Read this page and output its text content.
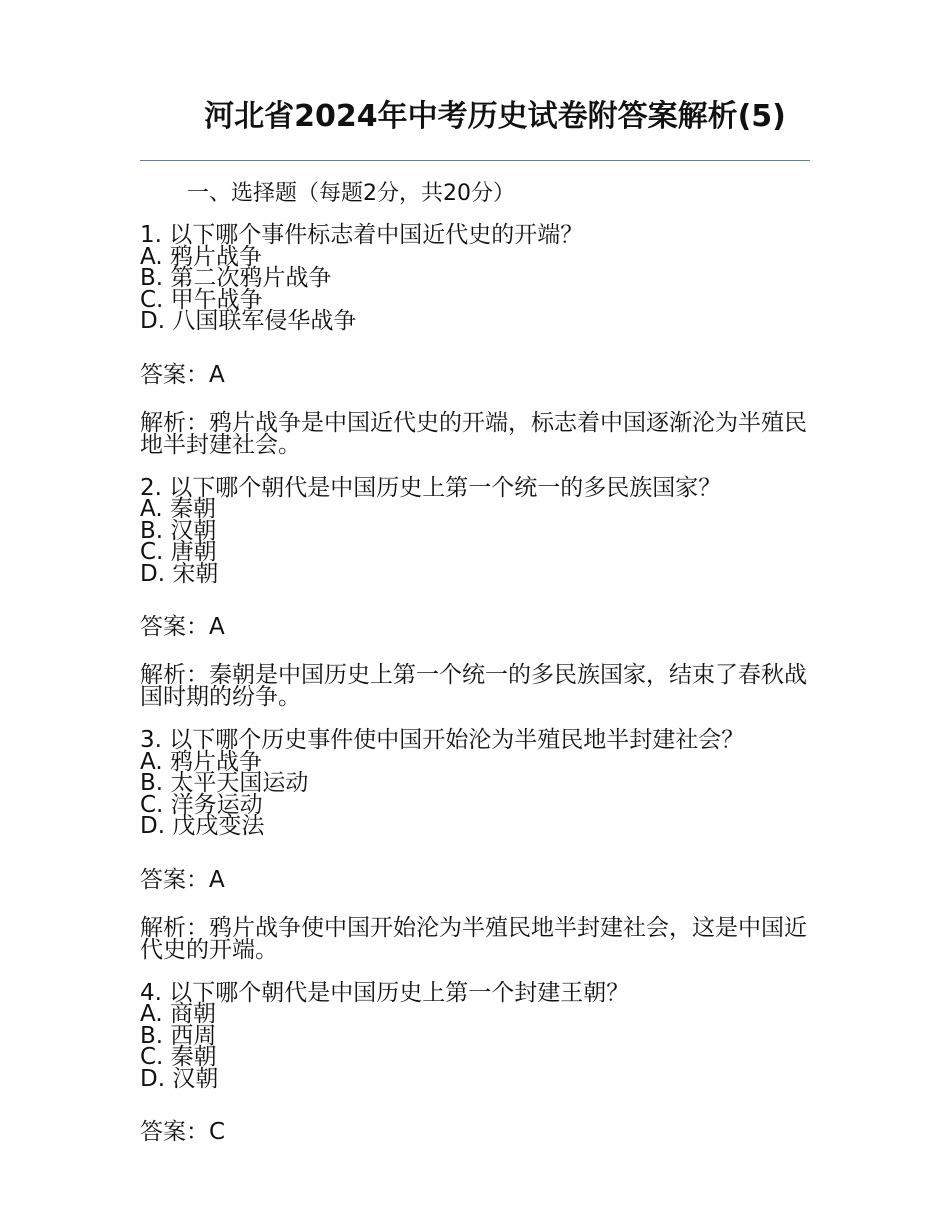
河北省2024年中考历史试卷附答案解析(5)
一、选择题（每题2分，共20分）
1. 以下哪个事件标志着中国近代史的开端？
A. 鸦片战争
B. 第二次鸦片战争
C. 甲午战争
D. 八国联军侵华战争
答案：A
解析：鸦片战争是中国近代史的开端，标志着中国逐渐沦为半殖民地半封建社会。
2. 以下哪个朝代是中国历史上第一个统一的多民族国家？
A. 秦朝
B. 汉朝
C. 唐朝
D. 宋朝
答案：A
解析：秦朝是中国历史上第一个统一的多民族国家，结束了春秋战国时期的纷争。
3. 以下哪个历史事件使中国开始沦为半殖民地半封建社会？
A. 鸦片战争
B. 太平天国运动
C. 洋务运动
D. 戊戌变法
答案：A
解析：鸦片战争使中国开始沦为半殖民地半封建社会，这是中国近代史的开端。
4. 以下哪个朝代是中国历史上第一个封建王朝？
A. 商朝
B. 西周
C. 秦朝
D. 汉朝
答案：C
